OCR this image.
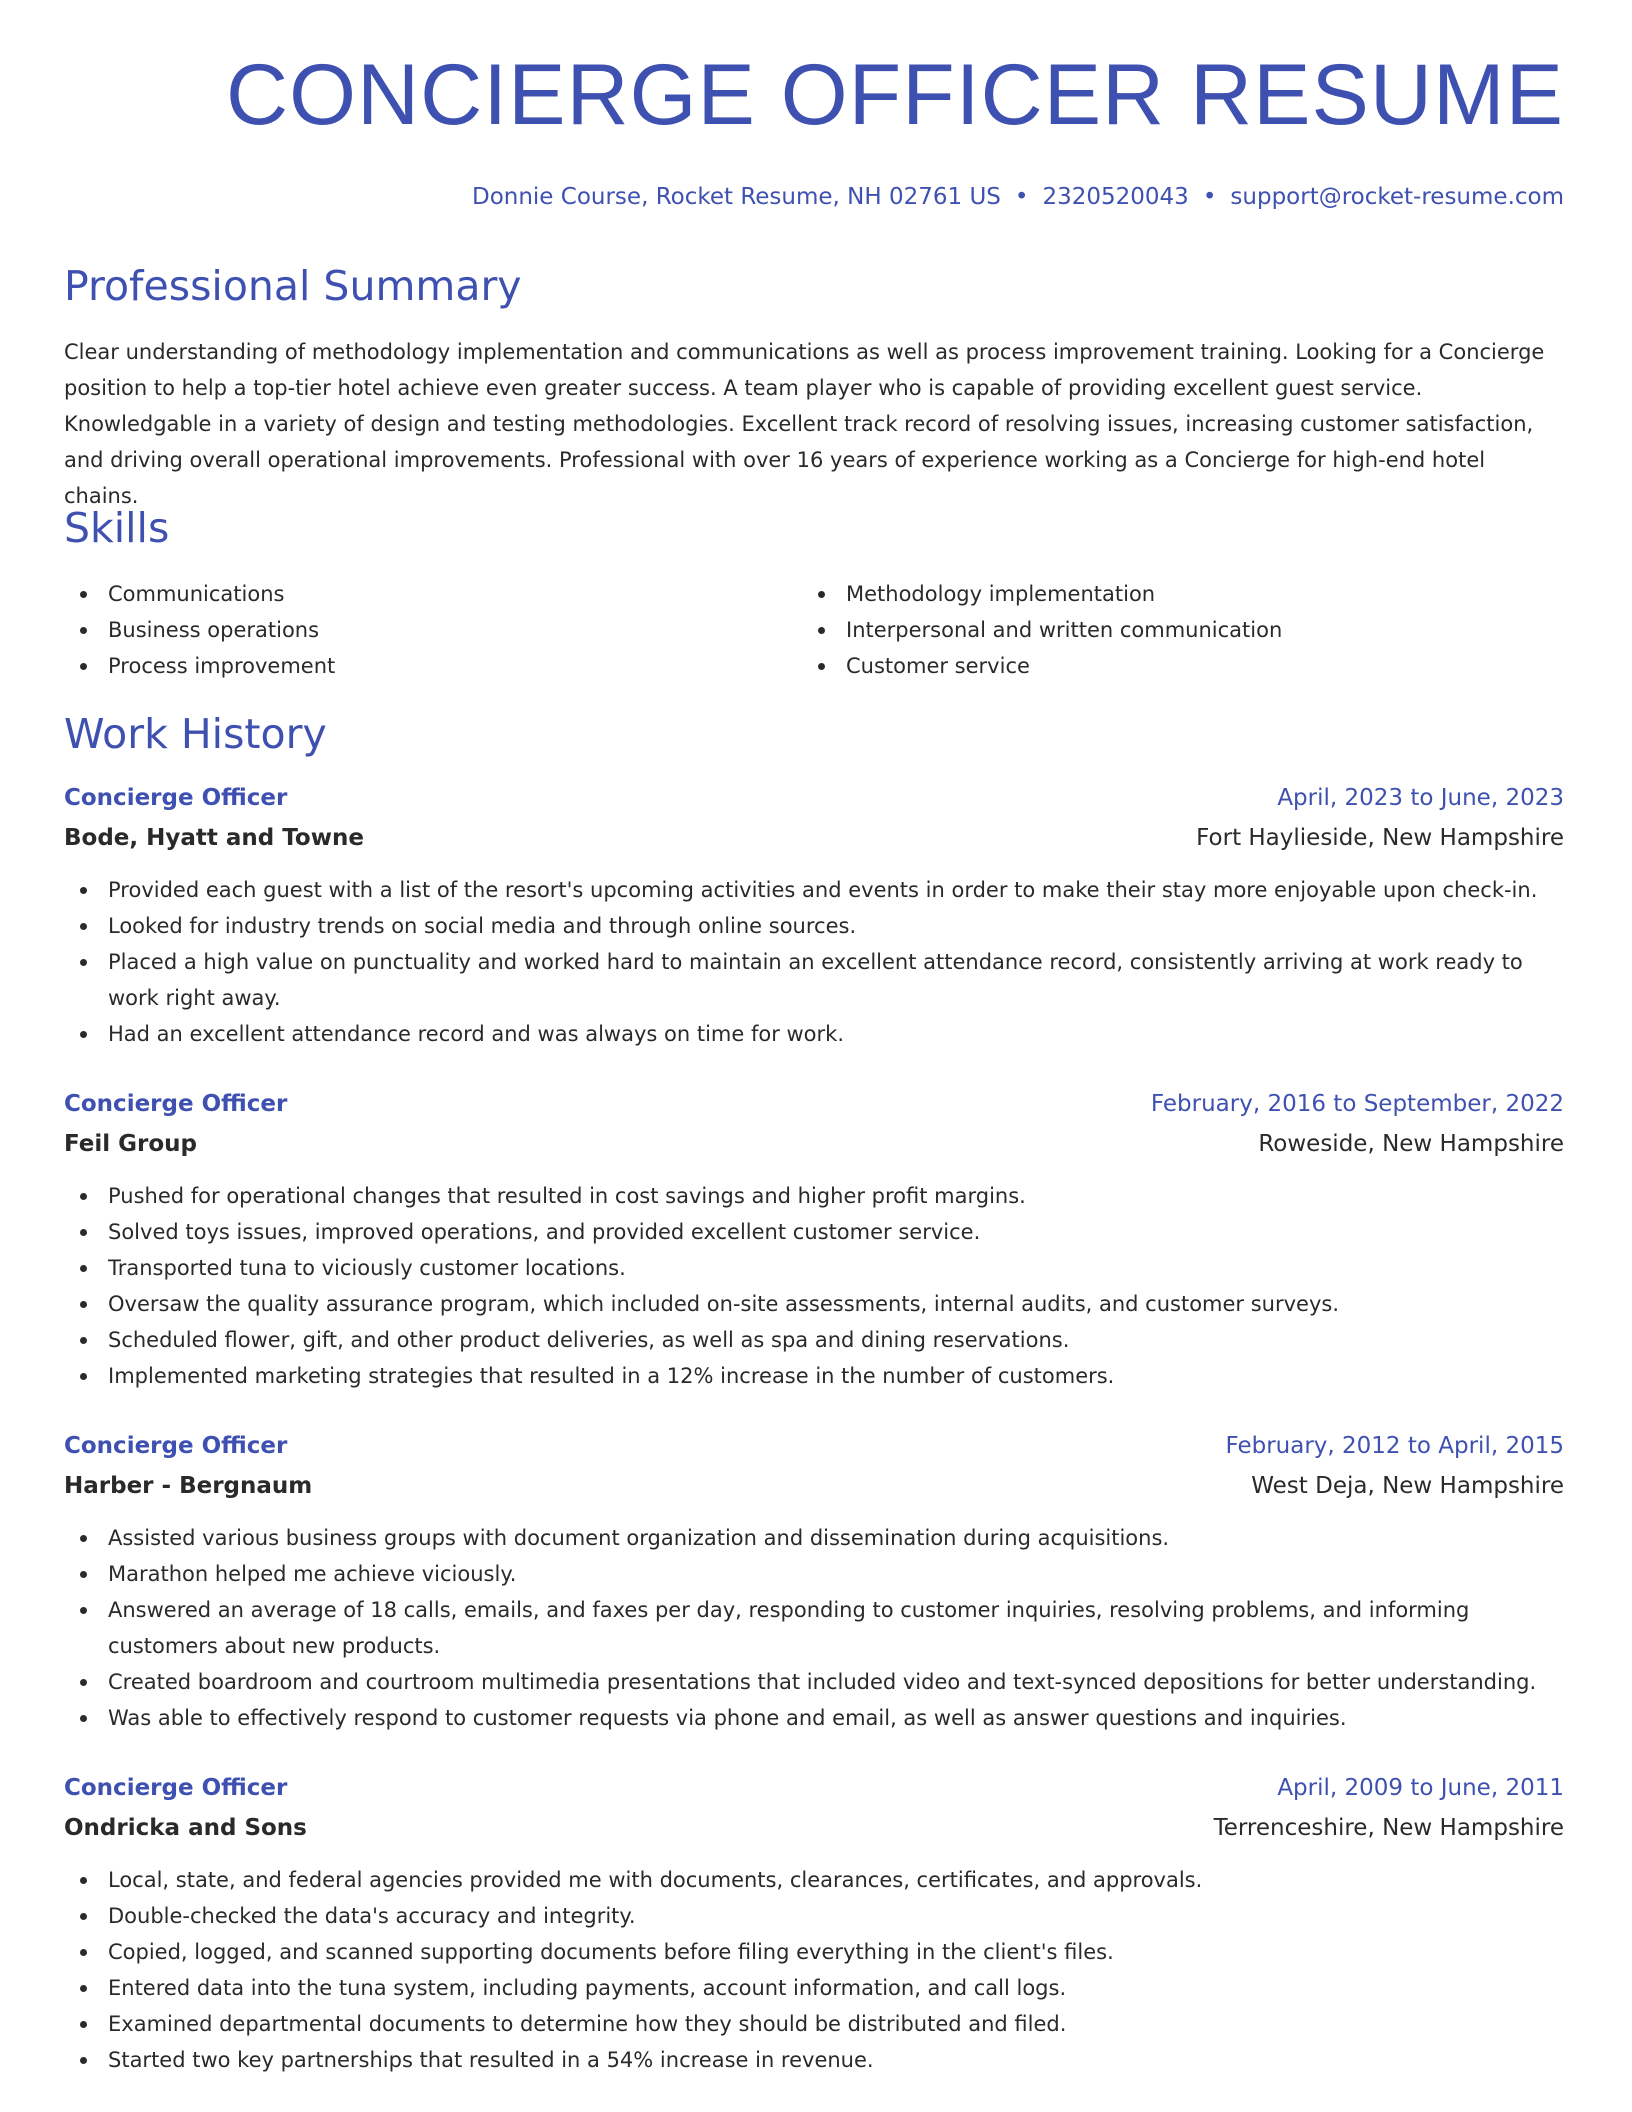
CONCIERGE OFFICER RESUME
Donnie Course, Rocket Resume, NH 02761 US • 2320520043 • support@rocket-resume.com
Professional Summary

Clear understanding of methodology implementation and communications as well as process improvement training. Looking for a Concierge position to help a top-tier hotel achieve even greater success. A team player who is capable of providing excellent guest service. Knowledgable in a variety of design and testing methodologies. Excellent track record of resolving issues, increasing customer satisfaction, and driving overall operational improvements. Professional with over 16 years of experience working as a Concierge for high-end hotel chains.

Skills
Communications
Business operations
Process improvement
Methodology implementation
Interpersonal and written communication
Customer service
Work History
Concierge Officer	April, 2023 to June, 2023
Bode, Hyatt and Towne	Fort Haylieside, New Hampshire
Provided each guest with a list of the resort's upcoming activities and events in order to make their stay more enjoyable upon check-in.
Looked for industry trends on social media and through online sources.
Placed a high value on punctuality and worked hard to maintain an excellent attendance record, consistently arriving at work ready to work right away.
Had an excellent attendance record and was always on time for work.
Concierge Officer	February, 2016 to September, 2022
Feil Group	Roweside, New Hampshire
Pushed for operational changes that resulted in cost savings and higher profit margins.
Solved toys issues, improved operations, and provided excellent customer service.
Transported tuna to viciously customer locations.
Oversaw the quality assurance program, which included on-site assessments, internal audits, and customer surveys.
Scheduled flower, gift, and other product deliveries, as well as spa and dining reservations.
Implemented marketing strategies that resulted in a 12% increase in the number of customers.
Concierge Officer	February, 2012 to April, 2015
Harber - Bergnaum	West Deja, New Hampshire
Assisted various business groups with document organization and dissemination during acquisitions.
Marathon helped me achieve viciously.
Answered an average of 18 calls, emails, and faxes per day, responding to customer inquiries, resolving problems, and informing customers about new products.
Created boardroom and courtroom multimedia presentations that included video and text-synced depositions for better understanding.
Was able to effectively respond to customer requests via phone and email, as well as answer questions and inquiries.
Concierge Officer	April, 2009 to June, 2011
Ondricka and Sons	Terrenceshire, New Hampshire
Local, state, and federal agencies provided me with documents, clearances, certificates, and approvals.
Double-checked the data's accuracy and integrity.
Copied, logged, and scanned supporting documents before filing everything in the client's files.
Entered data into the tuna system, including payments, account information, and call logs.
Examined departmental documents to determine how they should be distributed and filed.
Started two key partnerships that resulted in a 54% increase in revenue.
